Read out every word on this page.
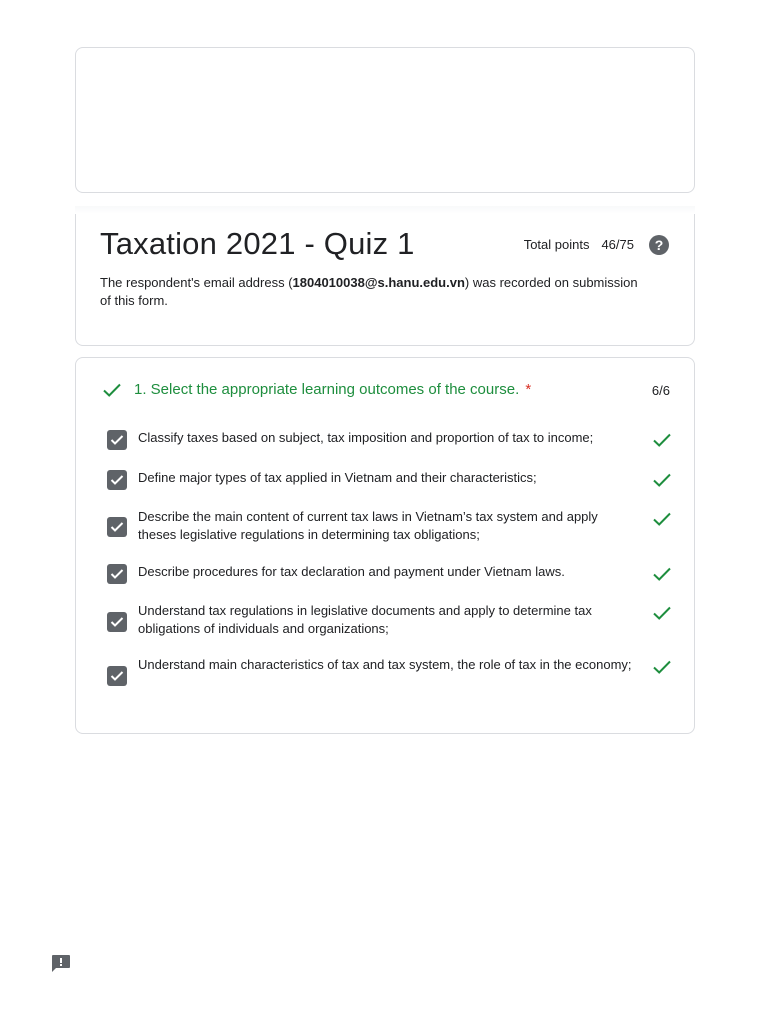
Taxation 2021 - Quiz 1	Total points 46/75	?
The respondent's email address (1804010038@s.hanu.edu.vn) was recorded on submission of this form.
1. Select the appropriate learning outcomes of the course. *	6/6
Classify taxes based on subject, tax imposition and proportion of tax to income;
Define major types of tax applied in Vietnam and their characteristics;
Describe the main content of current tax laws in Vietnam’s tax system and apply theses legislative regulations in determining tax obligations;
Describe procedures for tax declaration and payment under Vietnam laws.
Understand tax regulations in legislative documents and apply to determine tax obligations of individuals and organizations;
Understand main characteristics of tax and tax system, the role of tax in the economy;
